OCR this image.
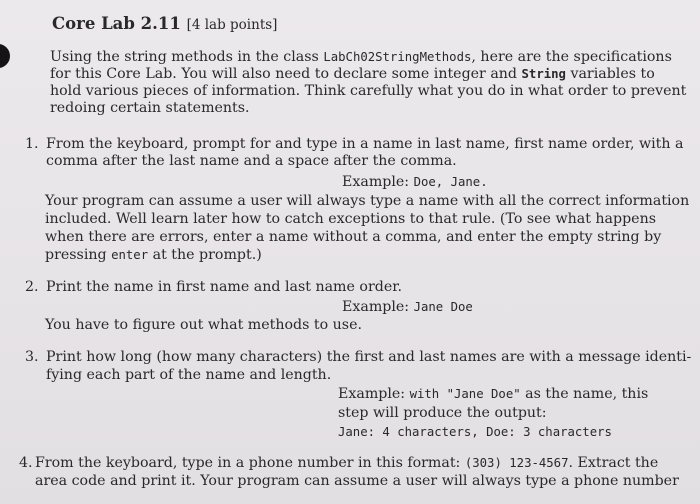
Core Lab 2.11 [4 lab points]
Using the string methods in the class LabCh02StringMethods, here are the specifications
for this Core Lab. You will also need to declare some integer and String variables to
hold various pieces of information. Think carefully what you do in what order to prevent
redoing certain statements.
1. From the keyboard, prompt for and type in a name in last name, first name order, with a
comma after the last name and a space after the comma.
Example: Doe, Jane.
Your program can assume a user will always type a name with all the correct information
included. Well learn later how to catch exceptions to that rule. (To see what happens
when there are errors, enter a name without a comma, and enter the empty string by
pressing enter at the prompt.)
2. Print the name in first name and last name order.
Example: Jane Doe
You have to figure out what methods to use.
3. Print how long (how many characters) the first and last names are with a message identi-
fying each part of the name and length.
Example: with "Jane Doe" as the name, this
step will produce the output:
Jane: 4 characters, Doe: 3 characters
4. From the keyboard, type in a phone number in this format: (303) 123-4567. Extract the
area code and print it. Your program can assume a user will always type a phone number
